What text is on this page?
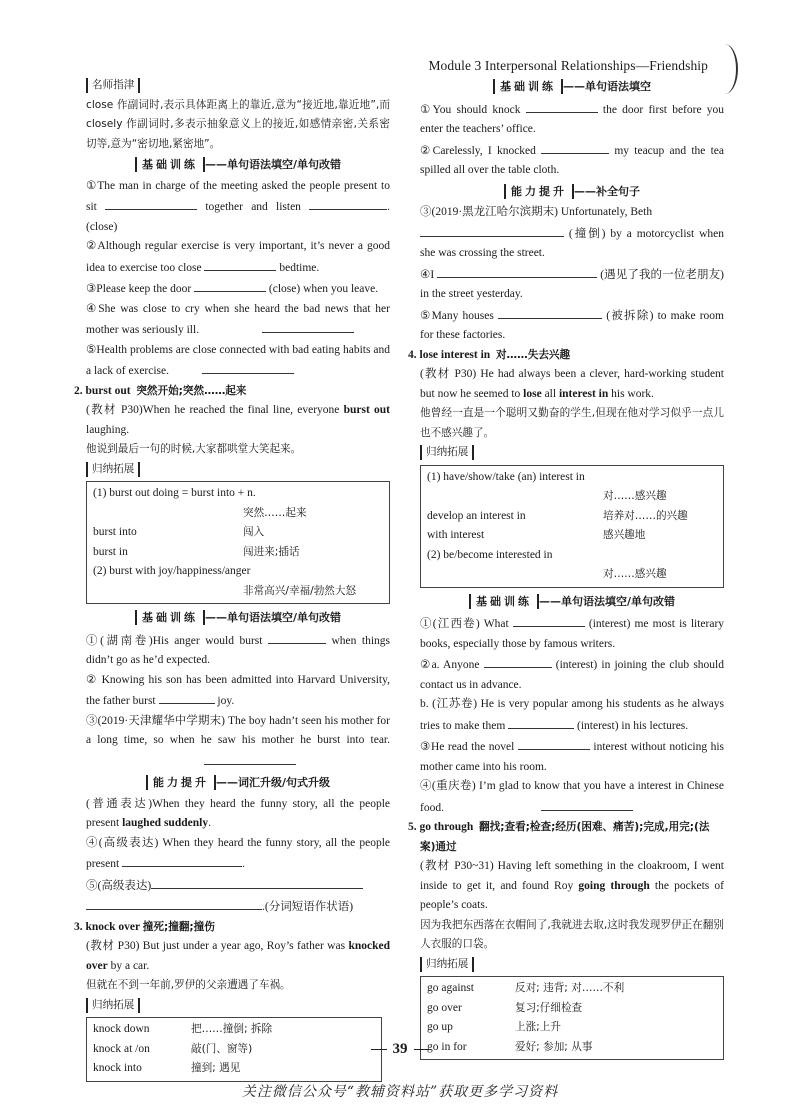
Module 3 Interpersonal Relationships—Friendship
名师指津

close 作副词时,表示具体距离上的靠近,意为“接近地,靠近地”,而 closely 作副词时,多表示抽象意义上的接近,如感情亲密,关系密切等,意为“密切地,紧密地”。

基础训练 ——单句语法填空/单句改错

①The man in charge of the meeting asked the people present to sit	together and listen	. (close)

②Although regular exercise is very important, it’s never a good idea to exercise too close	bedtime.

③Please keep the door	(close) when you leave.

④She was close to cry when she heard the bad news that her mother was seriously ill.

⑤Health problems are close connected with bad eating habits and a lack of exercise.

2. burst out 突然开始;突然……起来

(教材 P30)When he reached the final line, everyone burst out laughing.

他说到最后一句的时候,大家都哄堂大笑起来。

归纳拓展
(1) burst out doing = burst into + n.
突然……起来
burst into	闯入
burst in	闯进来;插话
(2) burst with joy/happiness/anger
非常高兴/幸福/勃然大怒
基础训练 ——单句语法填空/单句改错

①(湖南卷)His anger would burst	when things didn’t go as he’d expected.

② Knowing his son has been admitted into Harvard University, the father burst	joy.

③(2019·天津耀华中学期末) The boy hadn’t seen his mother for a long time, so when he saw his mother he burst into tear.

能力提升 ——词汇升级/句式升级

(普通表达)When they heard the funny story, all the people present laughed suddenly.

④(高级表达) When they heard the funny story, all the people present	.

⑤(高级表达)
.(分词短语作状语)

3. knock over 撞死;撞翻;撞伤

(教材 P30) But just under a year ago, Roy’s father was knocked over by a car.

但就在不到一年前,罗伊的父亲遭遇了车祸。

归纳拓展
knock down	把……撞倒; 拆除
knock at /on	敲(门、窗等)
knock into	撞到; 遇见
基础训练 ——单句语法填空

①You should knock	the door first before you enter the teachers’ office.

②Carelessly, I knocked	my teacup and the tea spilled all over the table cloth.

能力提升 ——补全句子

③(2019·黑龙江哈尔滨期末) Unfortunately, Beth
(撞倒) by a motorcyclist when she was crossing the street.

④I	(遇见了我的一位老朋友) in the street yesterday.

⑤Many houses	(被拆除) to make room for these factories.

4. lose interest in 对……失去兴趣

(教材 P30) He had always been a clever, hard-working student but now he seemed to lose all interest in his work.

他曾经一直是一个聪明又勤奋的学生,但现在他对学习似乎一点儿也不感兴趣了。

归纳拓展
(1) have/show/take (an) interest in
对……感兴趣
develop an interest in	培养对……的兴趣
with interest	感兴趣地
(2) be/become interested in
对……感兴趣
基础训练 ——单句语法填空/单句改错

①(江西卷) What	(interest) me most is literary books, especially those by famous writers.

②a. Anyone	(interest) in joining the club should contact us in advance.

b. (江苏卷) He is very popular among his students as he always tries to make them	(interest) in his lectures.

③He read the novel	interest without noticing his mother came into his room.

④(重庆卷) I’m glad to know that you have a interest in Chinese food.

5. go through 翻找;查看;检查;经历(困难、痛苦);完成,用完;(法案)通过

(教材 P30~31) Having left something in the cloakroom, I went inside to get it, and found Roy going through the pockets of people’s coats.

因为我把东西落在衣帽间了,我就进去取,这时我发现罗伊正在翻别人衣服的口袋。

归纳拓展
go against	反对; 违背; 对……不利
go over	复习;仔细检查
go up	上涨;上升
go in for	爱好; 参加; 从事
39
关注微信公众号“教辅资料站”获取更多学习资料
